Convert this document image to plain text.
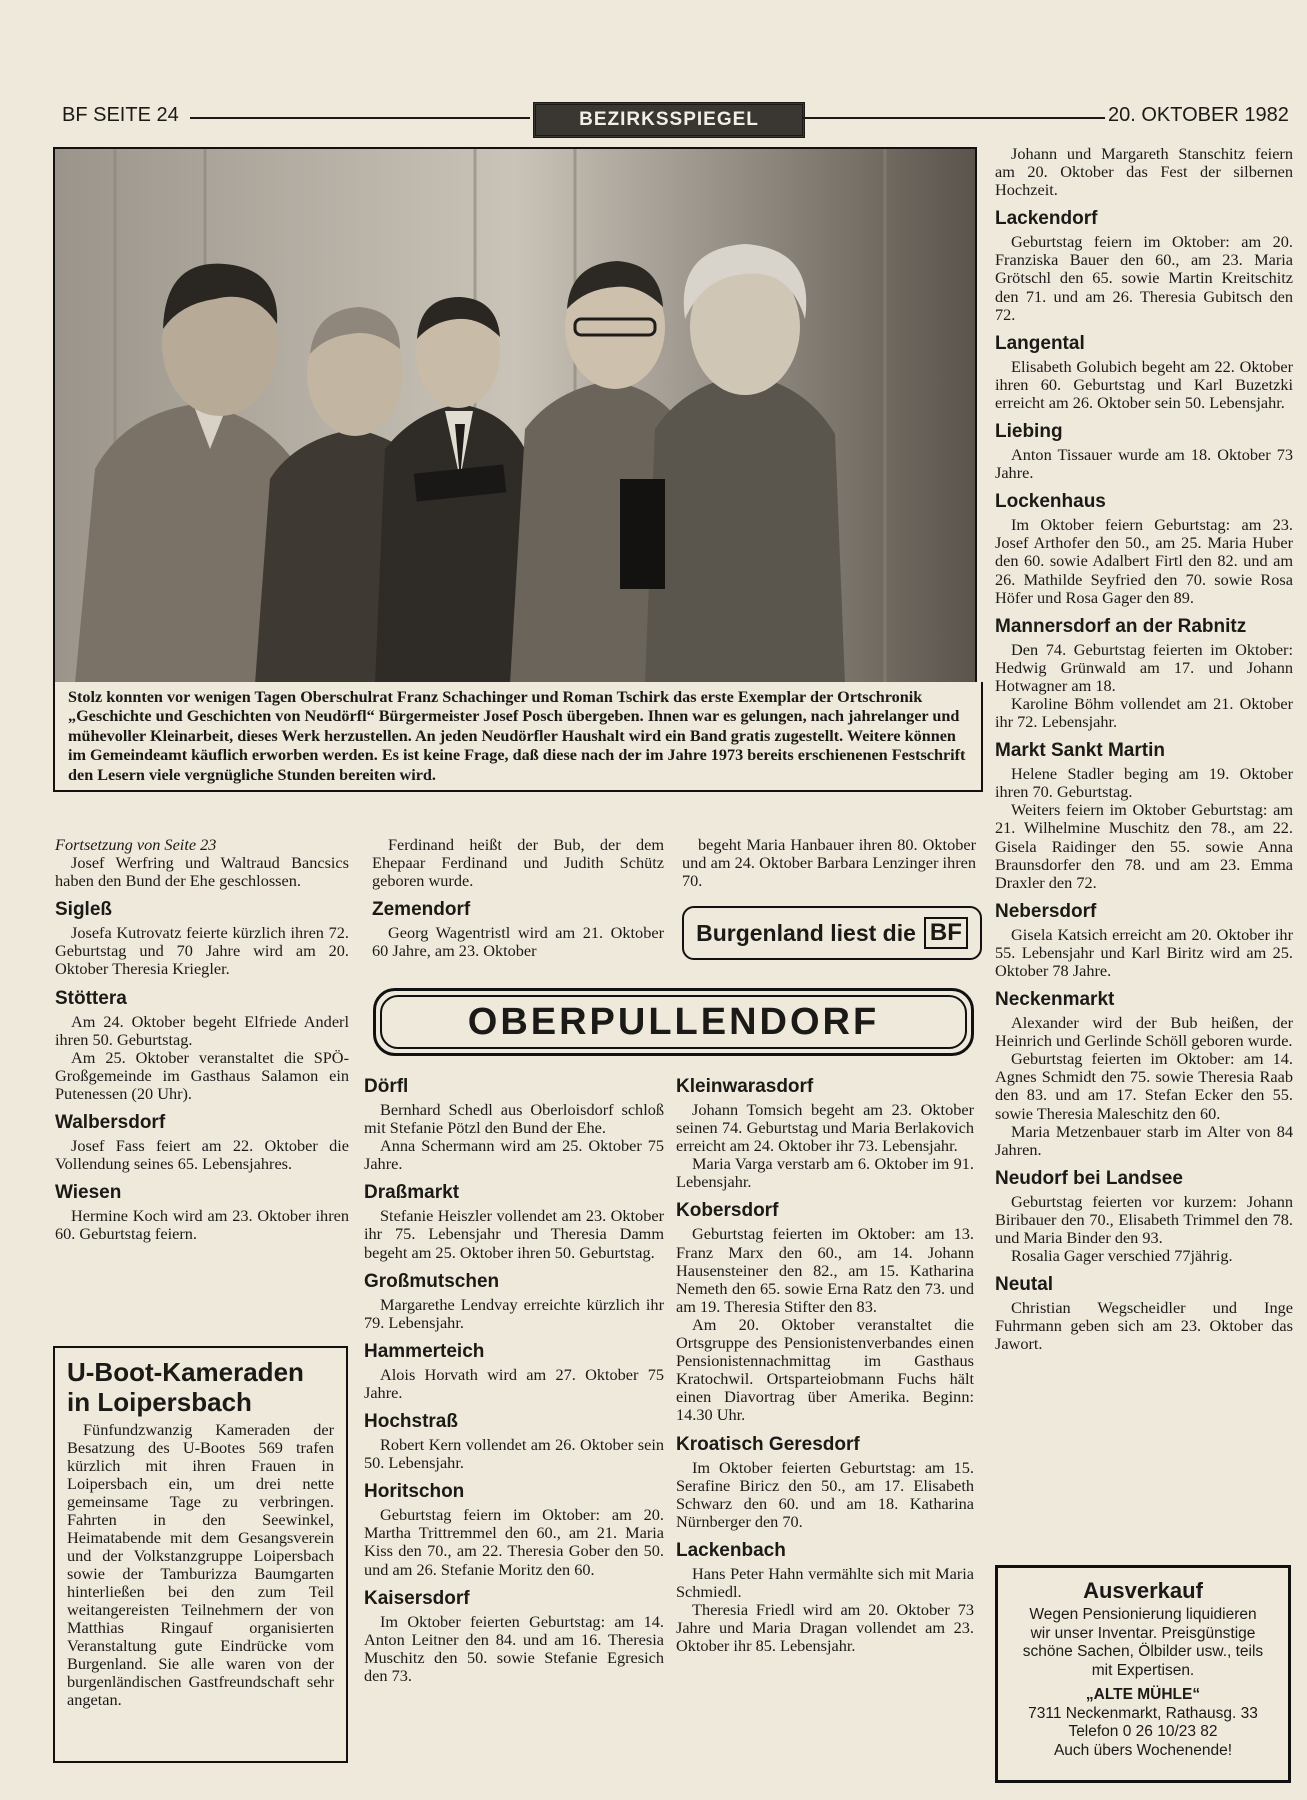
BF SEITE 24	BEZIRKSSPIEGEL	20. OKTOBER 1982
Stolz konnten vor wenigen Tagen Oberschulrat Franz Schachinger und Roman Tschirk das erste Exemplar der Ortschronik „Geschichte und Geschichten von Neudörfl“ Bürgermeister Josef Posch übergeben. Ihnen war es gelungen, nach jahrelanger und mühevoller Kleinarbeit, dieses Werk herzustellen. An jeden Neudörfler Haushalt wird ein Band gratis zugestellt. Weitere können im Gemeindeamt käuflich erworben werden. Es ist keine Frage, daß diese nach der im Jahre 1973 bereits erschienenen Festschrift den Lesern viele vergnügliche Stunden bereiten wird.

Fortsetzung von Seite 23

Josef Werfring und Waltraud Bancsics haben den Bund der Ehe geschlossen.

Sigleß

Josefa Kutrovatz feierte kürzlich ihren 72. Geburtstag und 70 Jahre wird am 20. Oktober Theresia Kriegler.

Stöttera

Am 24. Oktober begeht Elfriede Anderl ihren 50. Geburtstag.

Am 25. Oktober veranstaltet die SPÖ-Großgemeinde im Gasthaus Salamon ein Putenessen (20 Uhr).

Walbersdorf

Josef Fass feiert am 22. Oktober die Vollendung seines 65. Lebensjahres.

Wiesen

Hermine Koch wird am 23. Oktober ihren 60. Geburtstag feiern.

U-Boot-Kameraden in Loipersbach

Fünfundzwanzig Kameraden der Besatzung des U-Bootes 569 trafen kürzlich mit ihren Frauen in Loipersbach ein, um drei nette gemeinsame Tage zu verbringen. Fahrten in den Seewinkel, Heimatabende mit dem Gesangsverein und der Volkstanzgruppe Loipersbach sowie der Tamburizza Baumgarten hinterließen bei den zum Teil weitangereisten Teilnehmern der von Matthias Ringauf organisierten Veranstaltung gute Eindrücke vom Burgenland. Sie alle waren von der burgenländischen Gastfreundschaft sehr angetan.

Ferdinand heißt der Bub, der dem Ehepaar Ferdinand und Judith Schütz geboren wurde.

Zemendorf

Georg Wagentristl wird am 21. Oktober 60 Jahre, am 23. Oktober

begeht Maria Hanbauer ihren 80. Oktober und am 24. Oktober Barbara Lenzinger ihren 70.

Burgenland liest die BF
OBERPULLENDORF
Dörfl

Bernhard Schedl aus Oberloisdorf schloß mit Stefanie Pötzl den Bund der Ehe.

Anna Schermann wird am 25. Oktober 75 Jahre.

Draßmarkt

Stefanie Heiszler vollendet am 23. Oktober ihr 75. Lebensjahr und Theresia Damm begeht am 25. Oktober ihren 50. Geburtstag.

Großmutschen

Margarethe Lendvay erreichte kürzlich ihr 79. Lebensjahr.

Hammerteich

Alois Horvath wird am 27. Oktober 75 Jahre.

Hochstraß

Robert Kern vollendet am 26. Oktober sein 50. Lebensjahr.

Horitschon

Geburtstag feiern im Oktober: am 20. Martha Trittremmel den 60., am 21. Maria Kiss den 70., am 22. Theresia Gober den 50. und am 26. Stefanie Moritz den 60.

Kaisersdorf

Im Oktober feierten Geburtstag: am 14. Anton Leitner den 84. und am 16. Theresia Muschitz den 50. sowie Stefanie Egresich den 73.

Kleinwarasdorf

Johann Tomsich begeht am 23. Oktober seinen 74. Geburtstag und Maria Berlakovich erreicht am 24. Oktober ihr 73. Lebensjahr.

Maria Varga verstarb am 6. Oktober im 91. Lebensjahr.

Kobersdorf

Geburtstag feierten im Oktober: am 13. Franz Marx den 60., am 14. Johann Hausensteiner den 82., am 15. Katharina Nemeth den 65. sowie Erna Ratz den 73. und am 19. Theresia Stifter den 83.

Am 20. Oktober veranstaltet die Ortsgruppe des Pensionistenverbandes einen Pensionistennachmittag im Gasthaus Kratochwil. Ortsparteiobmann Fuchs hält einen Diavortrag über Amerika. Beginn: 14.30 Uhr.

Kroatisch Geresdorf

Im Oktober feierten Geburtstag: am 15. Serafine Biricz den 50., am 17. Elisabeth Schwarz den 60. und am 18. Katharina Nürnberger den 70.

Lackenbach

Hans Peter Hahn vermählte sich mit Maria Schmiedl.

Theresia Friedl wird am 20. Oktober 73 Jahre und Maria Dragan vollendet am 23. Oktober ihr 85. Lebensjahr.

Johann und Margareth Stanschitz feiern am 20. Oktober das Fest der silbernen Hochzeit.

Lackendorf

Geburtstag feiern im Oktober: am 20. Franziska Bauer den 60., am 23. Maria Grötschl den 65. sowie Martin Kreitschitz den 71. und am 26. Theresia Gubitsch den 72.

Langental

Elisabeth Golubich begeht am 22. Oktober ihren 60. Geburtstag und Karl Buzetzki erreicht am 26. Oktober sein 50. Lebensjahr.

Liebing

Anton Tissauer wurde am 18. Oktober 73 Jahre.

Lockenhaus

Im Oktober feiern Geburtstag: am 23. Josef Arthofer den 50., am 25. Maria Huber den 60. sowie Adalbert Firtl den 82. und am 26. Mathilde Seyfried den 70. sowie Rosa Höfer und Rosa Gager den 89.

Mannersdorf an der Rabnitz

Den 74. Geburtstag feierten im Oktober: Hedwig Grünwald am 17. und Johann Hotwagner am 18.

Karoline Böhm vollendet am 21. Oktober ihr 72. Lebensjahr.

Markt Sankt Martin

Helene Stadler beging am 19. Oktober ihren 70. Geburtstag.

Weiters feiern im Oktober Geburtstag: am 21. Wilhelmine Muschitz den 78., am 22. Gisela Raidinger den 55. sowie Anna Braunsdorfer den 78. und am 23. Emma Draxler den 72.

Nebersdorf

Gisela Katsich erreicht am 20. Oktober ihr 55. Lebensjahr und Karl Biritz wird am 25. Oktober 78 Jahre.

Neckenmarkt

Alexander wird der Bub heißen, der Heinrich und Gerlinde Schöll geboren wurde.

Geburtstag feierten im Oktober: am 14. Agnes Schmidt den 75. sowie Theresia Raab den 83. und am 17. Stefan Ecker den 55. sowie Theresia Maleschitz den 60.

Maria Metzenbauer starb im Alter von 84 Jahren.

Neudorf bei Landsee

Geburtstag feierten vor kurzem: Johann Biribauer den 70., Elisabeth Trimmel den 78. und Maria Binder den 93.

Rosalia Gager verschied 77jährig.

Neutal

Christian Wegscheidler und Inge Fuhrmann geben sich am 23. Oktober das Jawort.

Ausverkauf
Wegen Pensionierung liquidieren
wir unser Inventar. Preisgünstige
schöne Sachen, Ölbilder usw., teils
mit Expertisen.
„ALTE MÜHLE“
7311 Neckenmarkt, Rathausg. 33
Telefon 0 26 10/23 82
Auch übers Wochenende!
